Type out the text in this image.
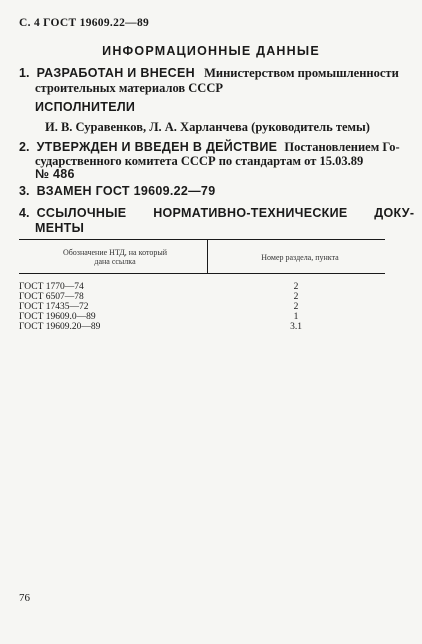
С. 4 ГОСТ 19609.22—89
ИНФОРМАЦИОННЫЕ ДАННЫЕ
1. РАЗРАБОТАН И ВНЕСЕН Министерством промышленности
строительных материалов СССР
ИСПОЛНИТЕЛИ
И. В. Суравенков, Л. А. Харланчева (руководитель темы)
2. УТВЕРЖДЕН И ВВЕДЕН В ДЕЙСТВИЕ Постановлением Го-
сударственного комитета СССР по стандартам от 15.03.89
№ 486
3. ВЗАМЕН ГОСТ 19609.22—79
4. ССЫЛОЧНЫЕ НОРМАТИВНО-ТЕХНИЧЕСКИЕ ДОКУ-
МЕНТЫ
Обозначение НТД, на который
дана ссылка	Номер раздела, пункта
ГОСТ 1770—74	2
ГОСТ 6507—78	2
ГОСТ 17435—72	2
ГОСТ 19609.0—89	1
ГОСТ 19609.20—89	3.1
76
